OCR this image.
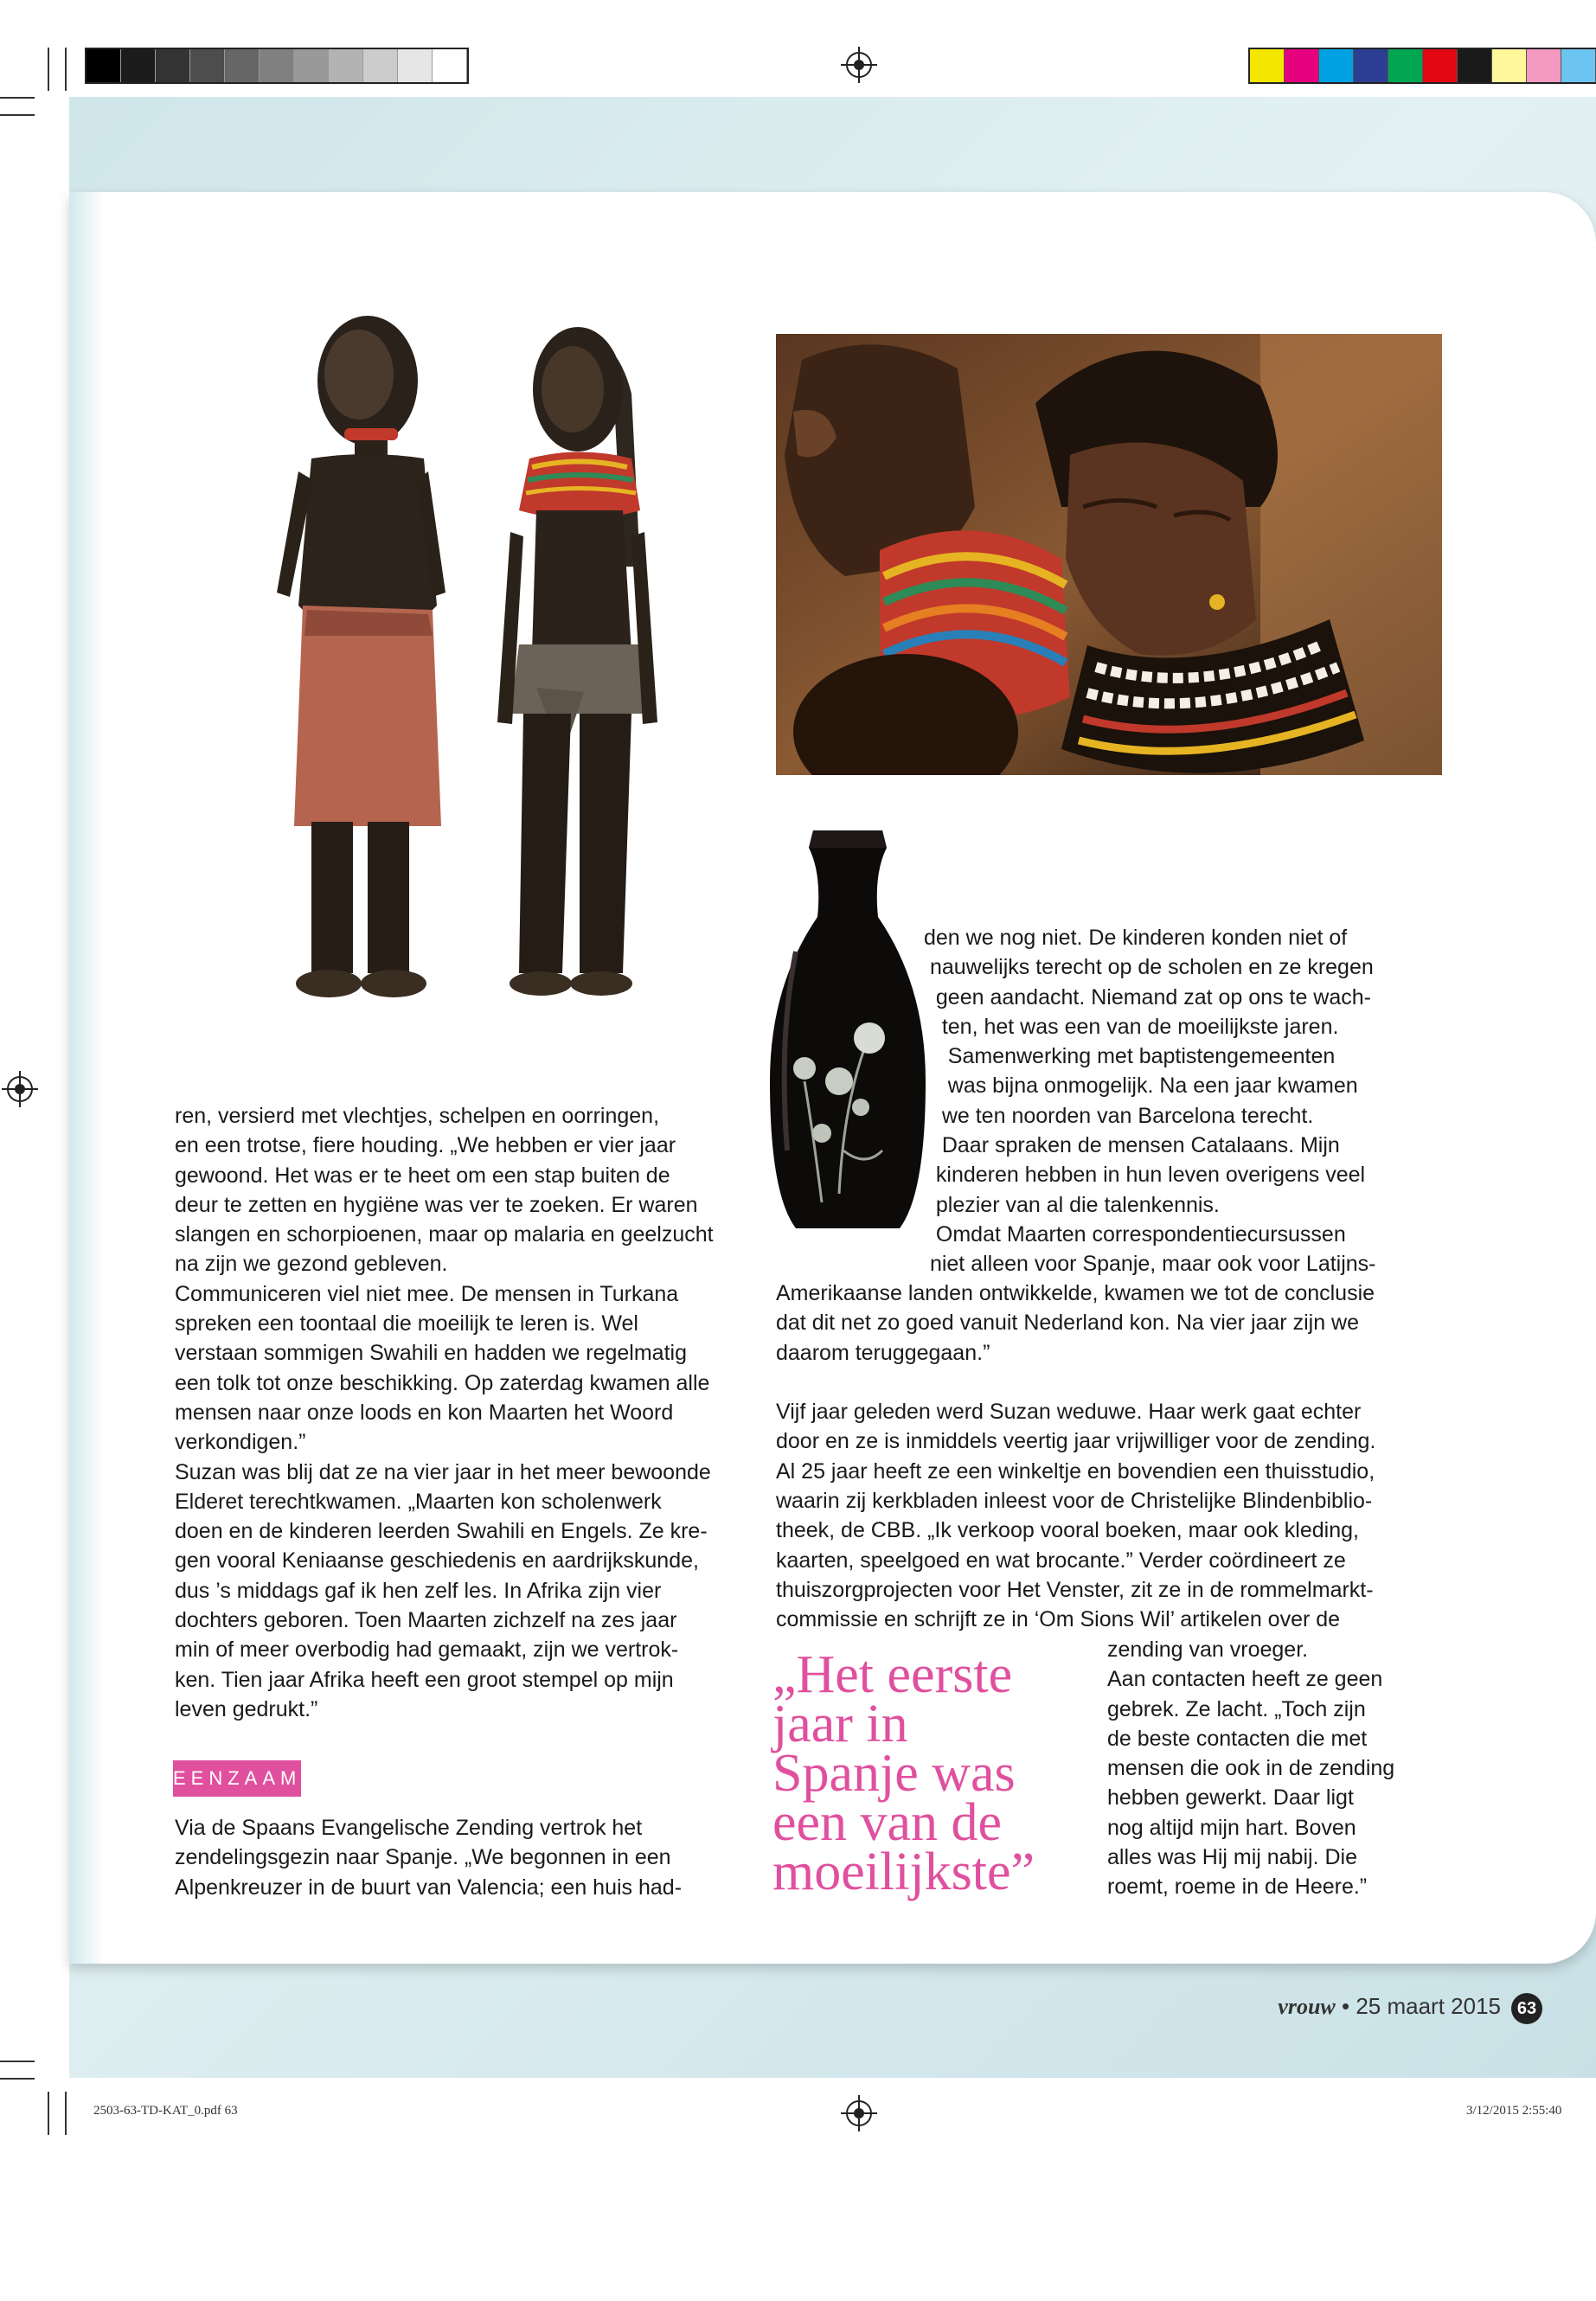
ren, versierd met vlechtjes, schelpen en oorringen,
en een trotse, fiere houding. „We hebben er vier jaar
gewoond. Het was er te heet om een stap buiten de
deur te zetten en hygiëne was ver te zoeken. Er waren
slangen en schorpioenen, maar op malaria en geelzucht
na zijn we gezond gebleven.
Communiceren viel niet mee. De mensen in Turkana
spreken een toontaal die moeilijk te leren is. Wel
verstaan sommigen Swahili en hadden we regelmatig
een tolk tot onze beschikking. Op zaterdag kwamen alle
mensen naar onze loods en kon Maarten het Woord
verkondigen.”
Suzan was blij dat ze na vier jaar in het meer bewoonde
Elderet terechtkwamen. „Maarten kon scholenwerk
doen en de kinderen leerden Swahili en Engels. Ze kre-
gen vooral Keniaanse geschiedenis en aardrijkskunde,
dus ’s middags gaf ik hen zelf les. In Afrika zijn vier
dochters geboren. Toen Maarten zichzelf na zes jaar
min of meer overbodig had gemaakt, zijn we vertrok-
ken. Tien jaar Afrika heeft een groot stempel op mijn
leven gedrukt.”
EENZAAM
Via de Spaans Evangelische Zending vertrok het
zendelingsgezin naar Spanje. „We begonnen in een
Alpenkreuzer in de buurt van Valencia; een huis had-
den we nog niet. De kinderen konden niet of
nauwelijks terecht op de scholen en ze kregen
geen aandacht. Niemand zat op ons te wach-
ten, het was een van de moeilijkste jaren.
Samenwerking met baptistengemeenten
was bijna onmogelijk. Na een jaar kwamen
we ten noorden van Barcelona terecht.
Daar spraken de mensen Catalaans. Mijn
kinderen hebben in hun leven overigens veel
plezier van al die talenkennis.
Omdat Maarten correspondentiecursussen
niet alleen voor Spanje, maar ook voor Latijns-
Amerikaanse landen ontwikkelde, kwamen we tot de conclusie
dat dit net zo goed vanuit Nederland kon. Na vier jaar zijn we
daarom teruggegaan.”

Vijf jaar geleden werd Suzan weduwe. Haar werk gaat echter
door en ze is inmiddels veertig jaar vrijwilliger voor de zending.
Al 25 jaar heeft ze een winkeltje en bovendien een thuisstudio,
waarin zij kerkbladen inleest voor de Christelijke Blindenbiblio-
theek, de CBB. „Ik verkoop vooral boeken, maar ook kleding,
kaarten, speelgoed en wat brocante.” Verder coördineert ze
thuiszorgprojecten voor Het Venster, zit ze in de rommelmarkt-
commissie en schrijft ze in ‘Om Sions Wil’ artikelen over de
zending van vroeger.
Aan contacten heeft ze geen
gebrek. Ze lacht. „Toch zijn
de beste contacten die met
mensen die ook in de zending
hebben gewerkt. Daar ligt
nog altijd mijn hart. Boven
alles was Hij mij nabij. Die
roemt, roeme in de Heere.”
„Het eerste
jaar in
Spanje was
een van de
moeilijkste”
vrouw • 25 maart 2015 63
2503-63-TD-KAT_0.pdf 63	3/12/2015 2:55:40
